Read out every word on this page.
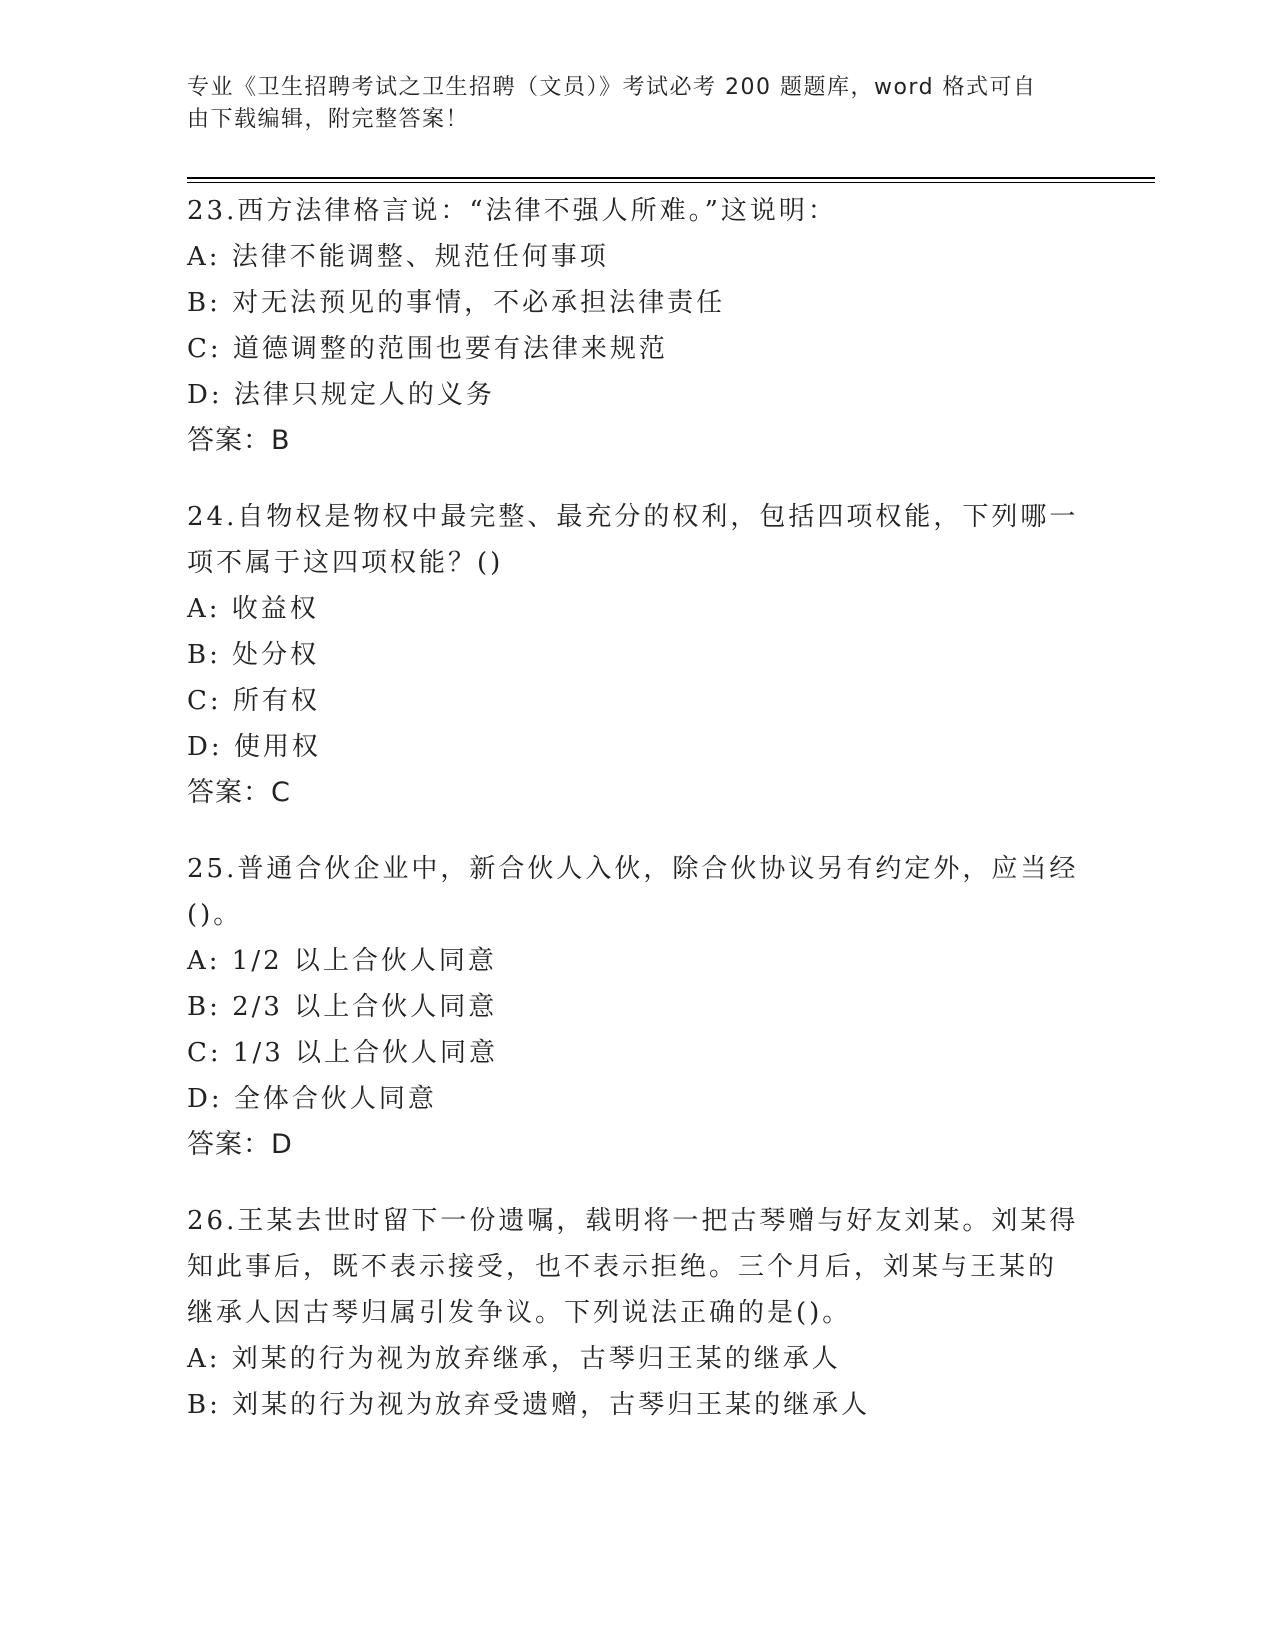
专业《卫生招聘考试之卫生招聘（文员）》考试必考 200 题题库，word 格式可自
由下载编辑，附完整答案！
23.西方法律格言说：“法律不强人所难。”这说明：
A: 法律不能调整、规范任何事项
B: 对无法预见的事情，不必承担法律责任
C: 道德调整的范围也要有法律来规范
D: 法律只规定人的义务
答案：B
24.自物权是物权中最完整、最充分的权利，包括四项权能，下列哪一
项不属于这四项权能？()
A: 收益权
B: 处分权
C: 所有权
D: 使用权
答案：C
25.普通合伙企业中，新合伙人入伙，除合伙协议另有约定外，应当经
()。
A: 1/2 以上合伙人同意
B: 2/3 以上合伙人同意
C: 1/3 以上合伙人同意
D: 全体合伙人同意
答案：D
26.王某去世时留下一份遗嘱，载明将一把古琴赠与好友刘某。刘某得
知此事后，既不表示接受，也不表示拒绝。三个月后，刘某与王某的
继承人因古琴归属引发争议。下列说法正确的是()。
A: 刘某的行为视为放弃继承，古琴归王某的继承人
B: 刘某的行为视为放弃受遗赠，古琴归王某的继承人
